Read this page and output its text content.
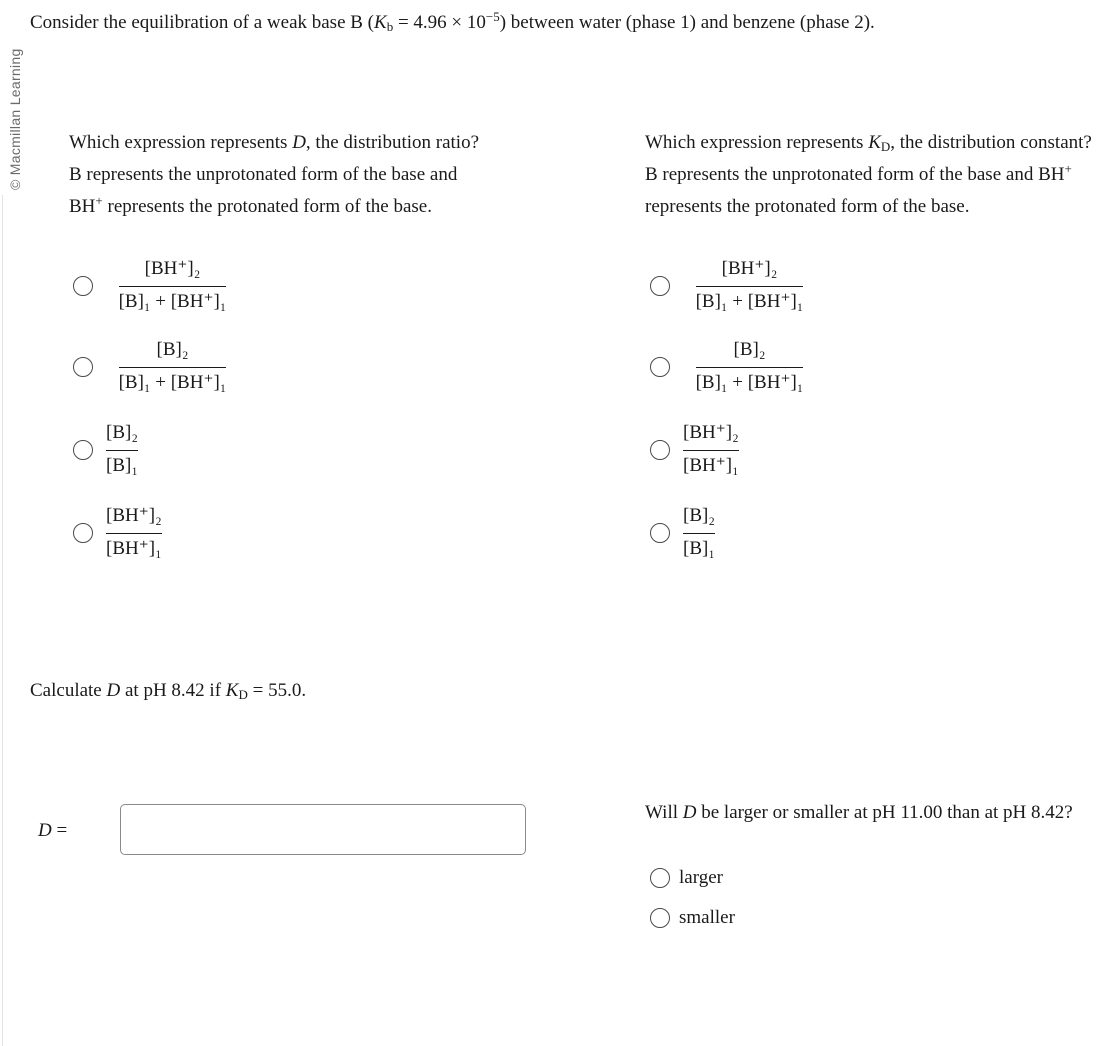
© Macmillan Learning
Consider the equilibration of a weak base B $(K_b = 4.96 \times 10^{-5})$ between water (phase 1) and benzene (phase 2).
Which expression represents D, the distribution ratio? B represents the unprotonated form of the base and BH+ represents the protonated form of the base.
Which expression represents $K_D$, the distribution constant? B represents the unprotonated form of the base and BH+ represents the protonated form of the base.
$\frac{\text{[BH⁺]₂}}{\text{[B]₁ + [BH⁺]₁}}$
$\frac{\text{[B]₂}}{\text{[B]₁ + [BH⁺]₁}}$
$\frac{\text{[B]₂}}{\text{[B]₁}}$
$\frac{\text{[BH⁺]₂}}{\text{[BH⁺]₁}}$
$\frac{\text{[BH⁺]₂}}{\text{[B]₁ + [BH⁺]₁}}$
$\frac{\text{[B]₂}}{\text{[B]₁ + [BH⁺]₁}}$
$\frac{\text{[BH⁺]₂}}{\text{[BH⁺]₁}}$
$\frac{\text{[B]₂}}{\text{[B]₁}}$
Calculate D at pH 8.42 if $K_D = 55.0$.
D =
Will D be larger or smaller at pH 11.00 than at pH 8.42?
larger
smaller
